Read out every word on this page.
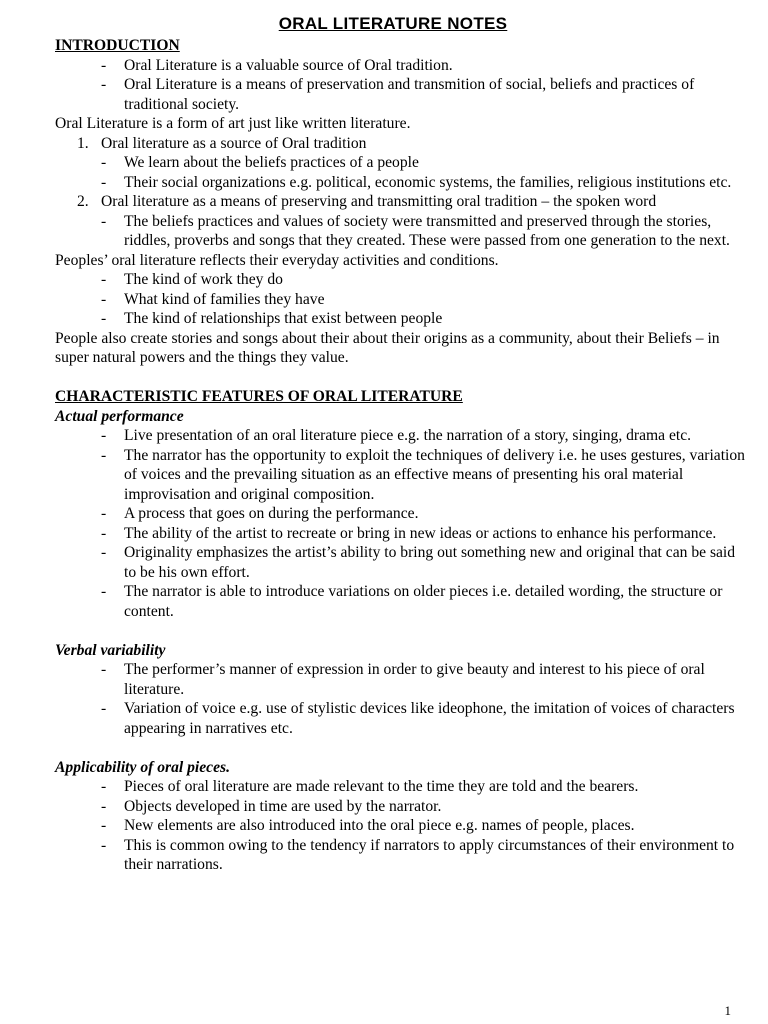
ORAL LITERATURE NOTES
INTRODUCTION
- Oral Literature is a valuable source of Oral tradition.
- Oral Literature is a means of preservation and transmition of social, beliefs and practices of traditional society.
Oral Literature is a form of art just like written literature.
1. Oral literature as a source of Oral tradition
- We learn about the beliefs practices of a people
- Their social organizations e.g. political, economic systems, the families, religious institutions etc.
2. Oral literature as a means of preserving and transmitting oral tradition – the spoken word
- The beliefs practices and values of society were transmitted and preserved through the stories, riddles, proverbs and songs that they created. These were passed from one generation to the next.
Peoples’ oral literature reflects their everyday activities and conditions.
- The kind of work they do
- What kind of families they have
- The kind of relationships that exist between people
People also create stories and songs about their about their origins as a community, about their Beliefs – in super natural powers and the things they value.
CHARACTERISTIC FEATURES OF ORAL LITERATURE
Actual performance
- Live presentation of an oral literature piece e.g. the narration of a story, singing, drama etc.
- The narrator has the opportunity to exploit the techniques of delivery i.e. he uses gestures, variation of voices and the prevailing situation as an effective means of presenting his oral material improvisation and original composition.
- A process that goes on during the performance.
- The ability of the artist to recreate or bring in new ideas or actions to enhance his performance.
- Originality emphasizes the artist’s ability to bring out something new and original that can be said to be his own effort.
- The narrator is able to introduce variations on older pieces i.e. detailed wording, the structure or content.
Verbal variability
- The performer’s manner of expression in order to give beauty and interest to his piece of oral literature.
- Variation of voice e.g. use of stylistic devices like ideophone, the imitation of voices of characters appearing in narratives etc.
Applicability of oral pieces.
- Pieces of oral literature are made relevant to the time they are told and the bearers.
- Objects developed in time are used by the narrator.
- New elements are also introduced into the oral piece e.g. names of people, places.
- This is common owing to the tendency if narrators to apply circumstances of their environment to their narrations.
1
